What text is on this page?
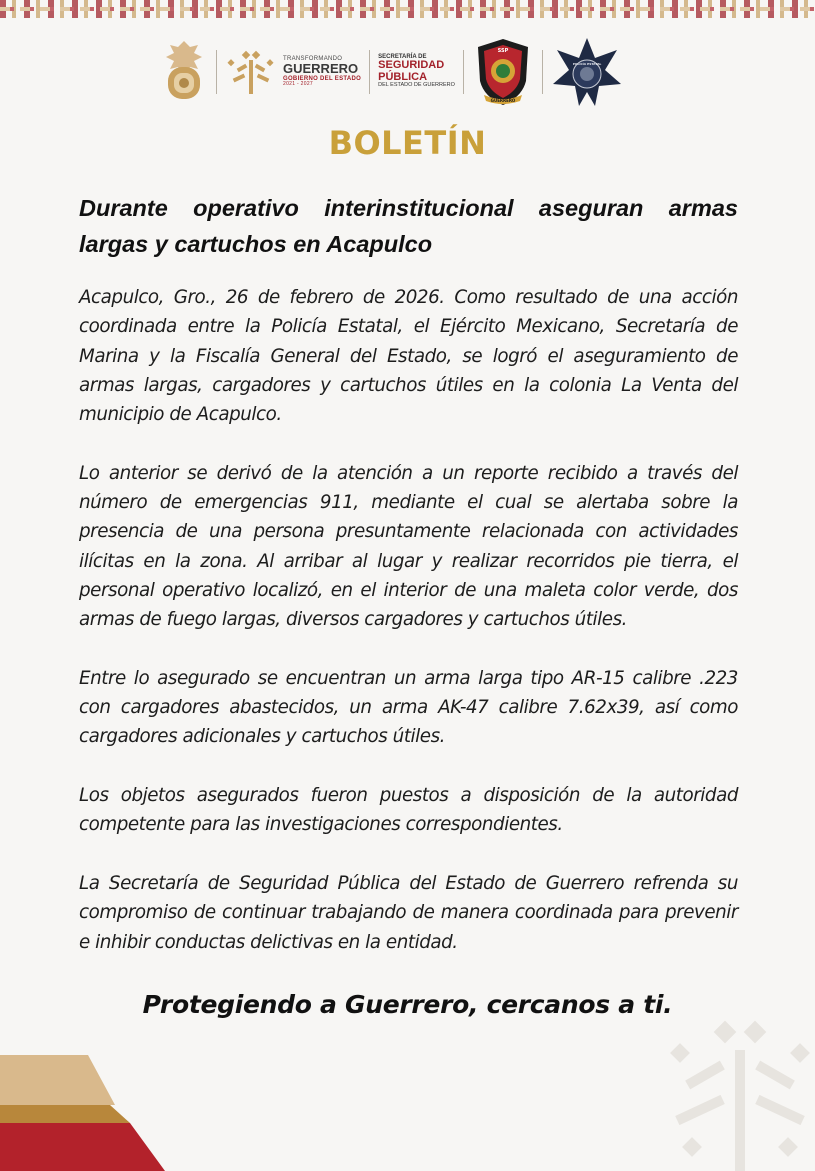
TRANSFORMANDO
GUERRERO
GOBIERNO DEL ESTADO
2021 - 2027
SECRETARÍA DE
SEGURIDAD
PÚBLICA
DEL ESTADO DE GUERRERO
SSP
GUERRERO
POLICÍA ESTATAL
BOLETÍN
Durante operativo interinstitucional aseguran armas largas y cartuchos en Acapulco

Acapulco, Gro., 26 de febrero de 2026. Como resultado de una acción coordinada entre la Policía Estatal, el Ejército Mexicano, Secretaría de Marina y la Fiscalía General del Estado, se logró el aseguramiento de armas largas, cargadores y cartuchos útiles en la colonia La Venta del municipio de Acapulco.

Lo anterior se derivó de la atención a un reporte recibido a través del número de emergencias 911, mediante el cual se alertaba sobre la presencia de una persona presuntamente relacionada con actividades ilícitas en la zona. Al arribar al lugar y realizar recorridos pie tierra, el personal operativo localizó, en el interior de una maleta color verde, dos armas de fuego largas, diversos cargadores y cartuchos útiles.

Entre lo asegurado se encuentran un arma larga tipo AR-15 calibre .223 con cargadores abastecidos, un arma AK-47 calibre 7.62x39, así como cargadores adicionales y cartuchos útiles.

Los objetos asegurados fueron puestos a disposición de la autoridad competente para las investigaciones correspondientes.

La Secretaría de Seguridad Pública del Estado de Guerrero refrenda su compromiso de continuar trabajando de manera coordinada para prevenir e inhibir conductas delictivas en la entidad.

Protegiendo a Guerrero, cercanos a ti.
